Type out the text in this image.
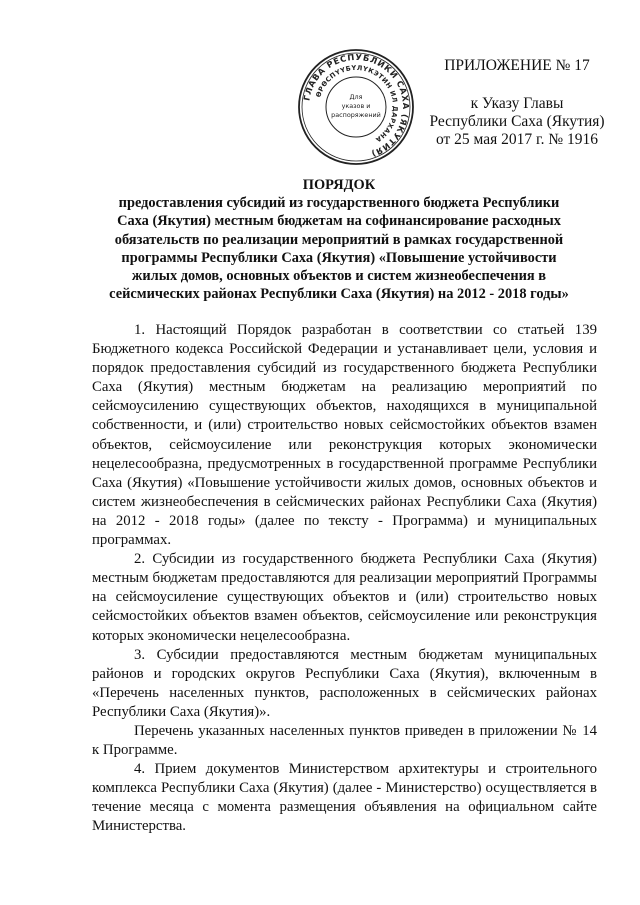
ГЛАВА РЕСПУБЛИКИ САХА (ЯКУТИЯ)
ӨРӨСПҮҮБҮЛҮКЭТИН ИЛ ДАРХАНА
Для
указов и
распоряжений
ПРИЛОЖЕНИЕ № 17
к Указу Главы
Республики Саха (Якутия)
от 25 мая 2017 г. № 1916
ПОРЯДОК
предоставления субсидий из государственного бюджета Республики Саха (Якутия) местным бюджетам на софинансирование расходных обязательств по реализации мероприятий в рамках государственной программы Республики Саха (Якутия) «Повышение устойчивости жилых домов, основных объектов и систем жизнеобеспечения в сейсмических районах Республики Саха (Якутия) на 2012 - 2018 годы»

1. Настоящий Порядок разработан в соответствии со статьей 139 Бюджетного кодекса Российской Федерации и устанавливает цели, условия и порядок предоставления субсидий из государственного бюджета Республики Саха (Якутия) местным бюджетам на реализацию мероприятий по сейсмоусилению существующих объектов, находящихся в муниципальной собственности, и (или) строительство новых сейсмостойких объектов взамен объектов, сейсмоусиление или реконструкция которых экономически нецелесообразна, предусмотренных в государственной программе Республики Саха (Якутия) «Повышение устойчивости жилых домов, основных объектов и систем жизнеобеспечения в сейсмических районах Республики Саха (Якутия) на 2012 - 2018 годы» (далее по тексту - Программа) и муниципальных программах.

2. Субсидии из государственного бюджета Республики Саха (Якутия) местным бюджетам предоставляются для реализации мероприятий Программы на сейсмоусиление существующих объектов и (или) строительство новых сейсмостойких объектов взамен объектов, сейсмоусиление или реконструкция которых экономически нецелесообразна.

3. Субсидии предоставляются местным бюджетам муниципальных районов и городских округов Республики Саха (Якутия), включенным в «Перечень населенных пунктов, расположенных в сейсмических районах Республики Саха (Якутия)».

Перечень указанных населенных пунктов приведен в приложении № 14 к Программе.

4. Прием документов Министерством архитектуры и строительного комплекса Республики Саха (Якутия) (далее - Министерство) осуществляется в течение месяца с момента размещения объявления на официальном сайте Министерства.
